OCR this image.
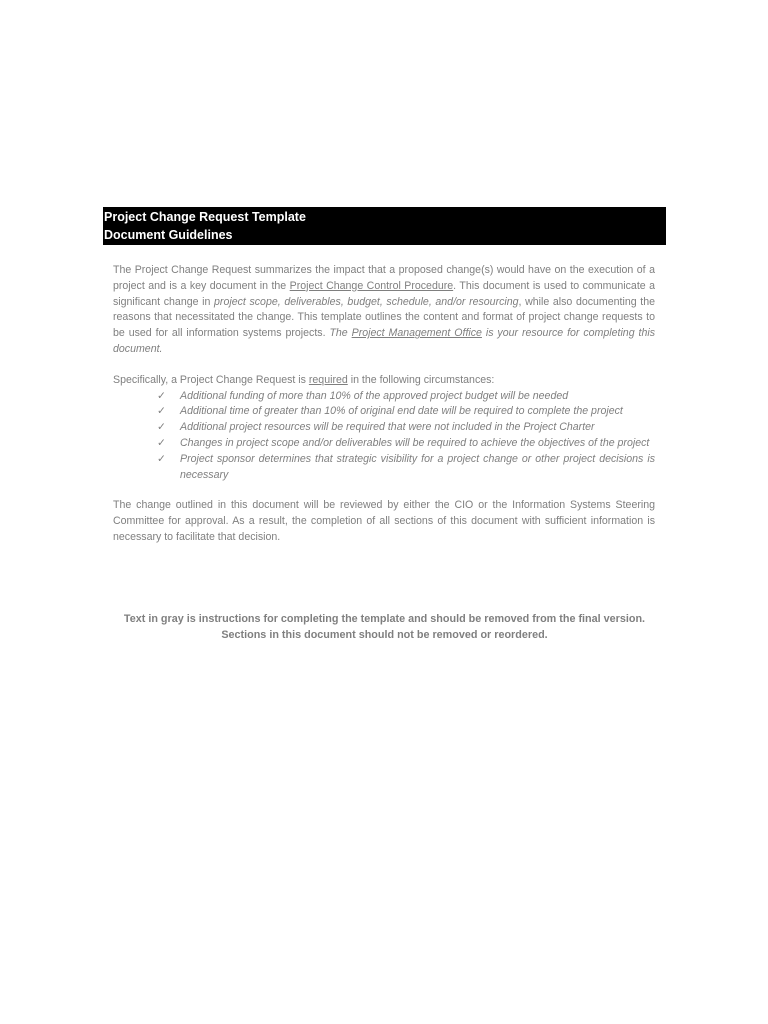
Project Change Request Template
Document Guidelines

The Project Change Request summarizes the impact that a proposed change(s) would have on the execution of a project and is a key document in the Project Change Control Procedure. This document is used to communicate a significant change in project scope, deliverables, budget, schedule, and/or resourcing, while also documenting the reasons that necessitated the change. This template outlines the content and format of project change requests to be used for all information systems projects. The Project Management Office is your resource for completing this document.

Specifically, a Project Change Request is required in the following circumstances:

✓ Additional funding of more than 10% of the approved project budget will be needed
✓ Additional time of greater than 10% of original end date will be required to complete the project
✓ Additional project resources will be required that were not included in the Project Charter
✓ Changes in project scope and/or deliverables will be required to achieve the objectives of the project
✓ Project sponsor determines that strategic visibility for a project change or other project decisions is necessary

The change outlined in this document will be reviewed by either the CIO or the Information Systems Steering Committee for approval. As a result, the completion of all sections of this document with sufficient information is necessary to facilitate that decision.

Text in gray is instructions for completing the template and should be removed from the final version.
Sections in this document should not be removed or reordered.
